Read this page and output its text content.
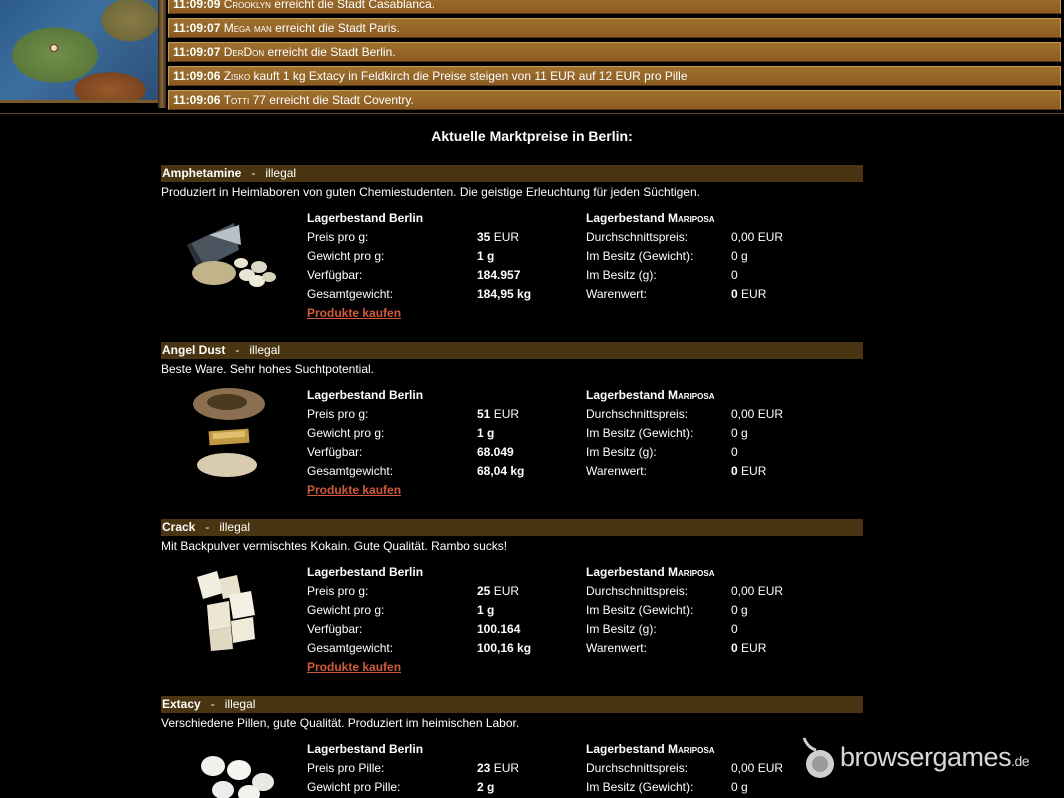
11:09:09 Crooklyn erreicht die Stadt Casablanca.
11:09:07 Mega man erreicht die Stadt Paris.
11:09:07 DerDon erreicht die Stadt Berlin.
11:09:06 Zisko kauft 1 kg Extacy in Feldkirch die Preise steigen von 11 EUR auf 12 EUR pro Pille
11:09:06 Totti 77 erreicht die Stadt Coventry.
Aktuelle Marktpreise in Berlin:
Amphetamine - illegal
Produziert in Heimlaboren von guten Chemiestudenten. Die geistige Erleuchtung für jeden Süchtigen.
Lagerbestand Berlin
Preis pro g:	35 EUR
Gewicht pro g:	1 g
Verfügbar:	184.957
Gesamtgewicht:	184,95 kg
Produkte kaufen
Lagerbestand Mariposa
Durchschnittspreis:	0,00 EUR
Im Besitz (Gewicht):	0 g
Im Besitz (g):	0
Warenwert:	0 EUR
Angel Dust - illegal
Beste Ware. Sehr hohes Suchtpotential.
Lagerbestand Berlin
Preis pro g:	51 EUR
Gewicht pro g:	1 g
Verfügbar:	68.049
Gesamtgewicht:	68,04 kg
Produkte kaufen
Lagerbestand Mariposa
Durchschnittspreis:	0,00 EUR
Im Besitz (Gewicht):	0 g
Im Besitz (g):	0
Warenwert:	0 EUR
Crack - illegal
Mit Backpulver vermischtes Kokain. Gute Qualität. Rambo sucks!
Lagerbestand Berlin
Preis pro g:	25 EUR
Gewicht pro g:	1 g
Verfügbar:	100.164
Gesamtgewicht:	100,16 kg
Produkte kaufen
Lagerbestand Mariposa
Durchschnittspreis:	0,00 EUR
Im Besitz (Gewicht):	0 g
Im Besitz (g):	0
Warenwert:	0 EUR
Extacy - illegal
Verschiedene Pillen, gute Qualität. Produziert im heimischen Labor.
Lagerbestand Berlin
Preis pro Pille:	23 EUR
Gewicht pro Pille:	2 g
Lagerbestand Mariposa
Durchschnittspreis:	0,00 EUR
Im Besitz (Gewicht):	0 g
browsergames.de
